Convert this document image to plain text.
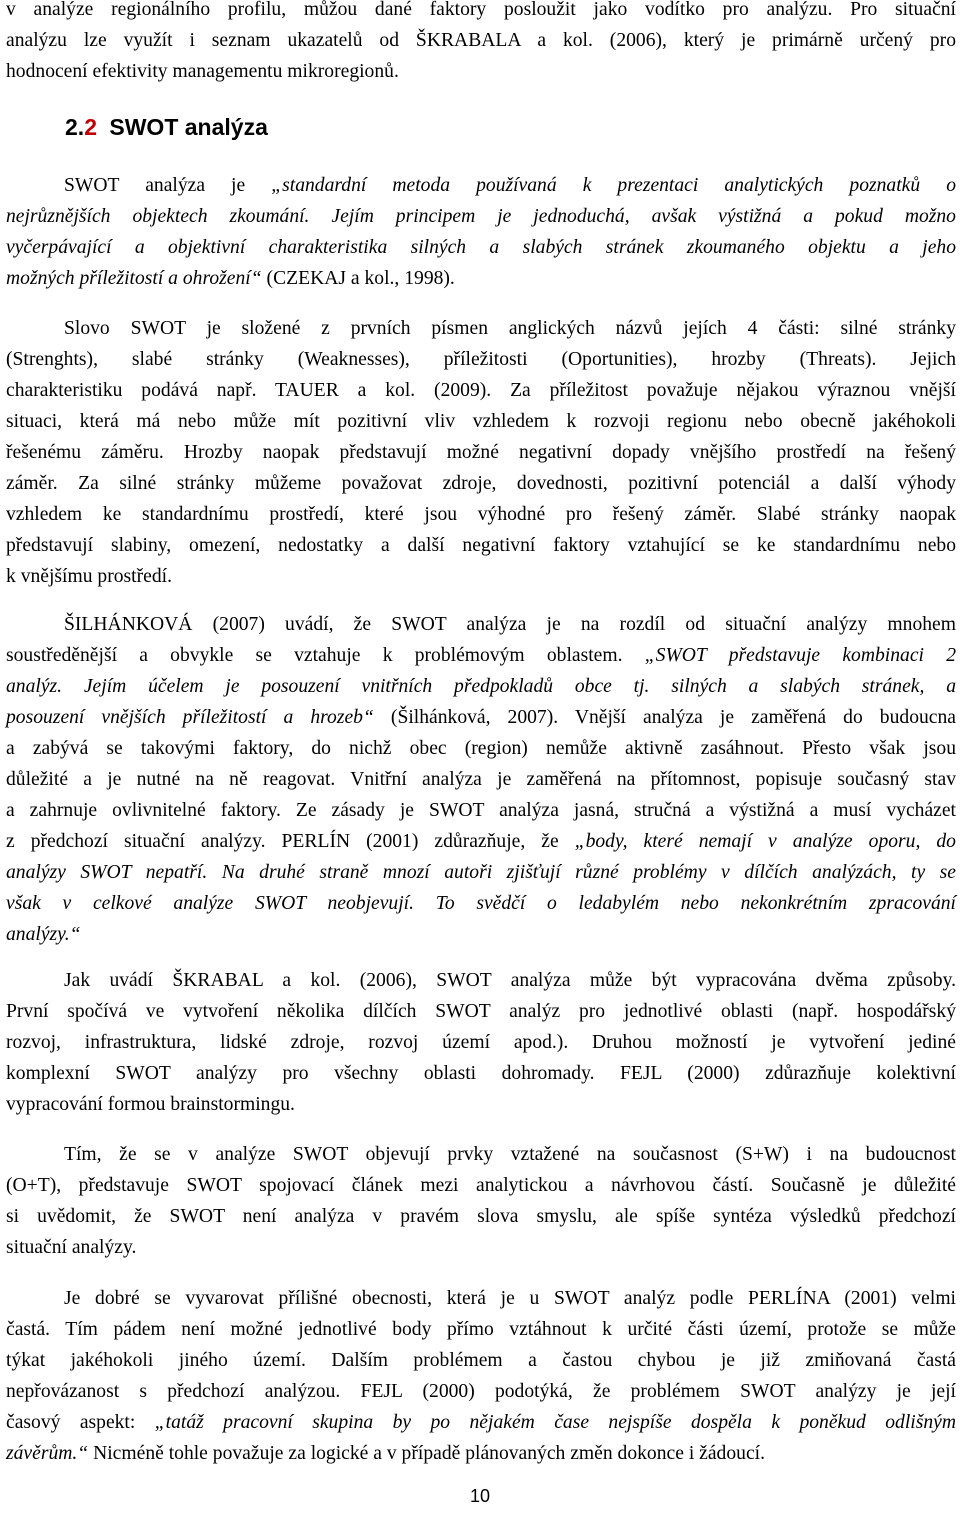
v analýze regionálního profilu, můžou dané faktory posloužit jako vodítko pro analýzu. Pro situační

analýzu lze využít i seznam ukazatelů od ŠKRABALA a kol. (2006), který je primárně určený pro

hodnocení efektivity managementu mikroregionů.

2.2 SWOT analýza

SWOT analýza je „standardní metoda používaná k prezentaci analytických poznatků o

nejrůznějších objektech zkoumání. Jejím principem je jednoduchá, avšak výstižná a pokud možno

vyčerpávající a objektivní charakteristika silných a slabých stránek zkoumaného objektu a jeho

možných příležitostí a ohrožení“ (CZEKAJ a kol., 1998).

Slovo SWOT je složené z prvních písmen anglických názvů jejích 4 části: silné stránky

(Strenghts), slabé stránky (Weaknesses), příležitosti (Oportunities), hrozby (Threats). Jejich

charakteristiku podává např. TAUER a kol. (2009). Za příležitost považuje nějakou výraznou vnější

situaci, která má nebo může mít pozitivní vliv vzhledem k rozvoji regionu nebo obecně jakéhokoli

řešenému záměru. Hrozby naopak představují možné negativní dopady vnějšího prostředí na řešený

záměr. Za silné stránky můžeme považovat zdroje, dovednosti, pozitivní potenciál a další výhody

vzhledem ke standardnímu prostředí, které jsou výhodné pro řešený záměr. Slabé stránky naopak

představují slabiny, omezení, nedostatky a další negativní faktory vztahující se ke standardnímu nebo

k vnějšímu prostředí.

ŠILHÁNKOVÁ (2007) uvádí, že SWOT analýza je na rozdíl od situační analýzy mnohem

soustředěnější a obvykle se vztahuje k problémovým oblastem. „SWOT představuje kombinaci 2

analýz. Jejím účelem je posouzení vnitřních předpokladů obce tj. silných a slabých stránek, a

posouzení vnějších příležitostí a hrozeb“ (Šilhánková, 2007). Vnější analýza je zaměřená do budoucna

a zabývá se takovými faktory, do nichž obec (region) nemůže aktivně zasáhnout. Přesto však jsou

důležité a je nutné na ně reagovat. Vnitřní analýza je zaměřená na přítomnost, popisuje současný stav

a zahrnuje ovlivnitelné faktory. Ze zásady je SWOT analýza jasná, stručná a výstižná a musí vycházet

z předchozí situační analýzy. PERLÍN (2001) zdůrazňuje, že „body, které nemají v analýze oporu, do

analýzy SWOT nepatří. Na druhé straně mnozí autoři zjišťují různé problémy v dílčích analýzách, ty se

však v celkové analýze SWOT neobjevují. To svědčí o ledabylém nebo nekonkrétním zpracování

analýzy.“

Jak uvádí ŠKRABAL a kol. (2006), SWOT analýza může být vypracována dvěma způsoby.

První spočívá ve vytvoření několika dílčích SWOT analýz pro jednotlivé oblasti (např. hospodářský

rozvoj, infrastruktura, lidské zdroje, rozvoj území apod.). Druhou možností je vytvoření jediné

komplexní SWOT analýzy pro všechny oblasti dohromady. FEJL (2000) zdůrazňuje kolektivní

vypracování formou brainstormingu.

Tím, že se v analýze SWOT objevují prvky vztažené na současnost (S+W) i na budoucnost

(O+T), představuje SWOT spojovací článek mezi analytickou a návrhovou částí. Současně je důležité

si uvědomit, že SWOT není analýza v pravém slova smyslu, ale spíše syntéza výsledků předchozí

situační analýzy.

Je dobré se vyvarovat přílišné obecnosti, která je u SWOT analýz podle PERLÍNA (2001) velmi

častá. Tím pádem není možné jednotlivé body přímo vztáhnout k určité části území, protože se může

týkat jakéhokoli jiného území. Dalším problémem a častou chybou je již zmiňovaná častá

nepřovázanost s předchozí analýzou. FEJL (2000) podotýká, že problémem SWOT analýzy je její

časový aspekt: „tatáž pracovní skupina by po nějakém čase nejspíše dospěla k poněkud odlišným

závěrům.“ Nicméně tohle považuje za logické a v případě plánovaných změn dokonce i žádoucí.

10
